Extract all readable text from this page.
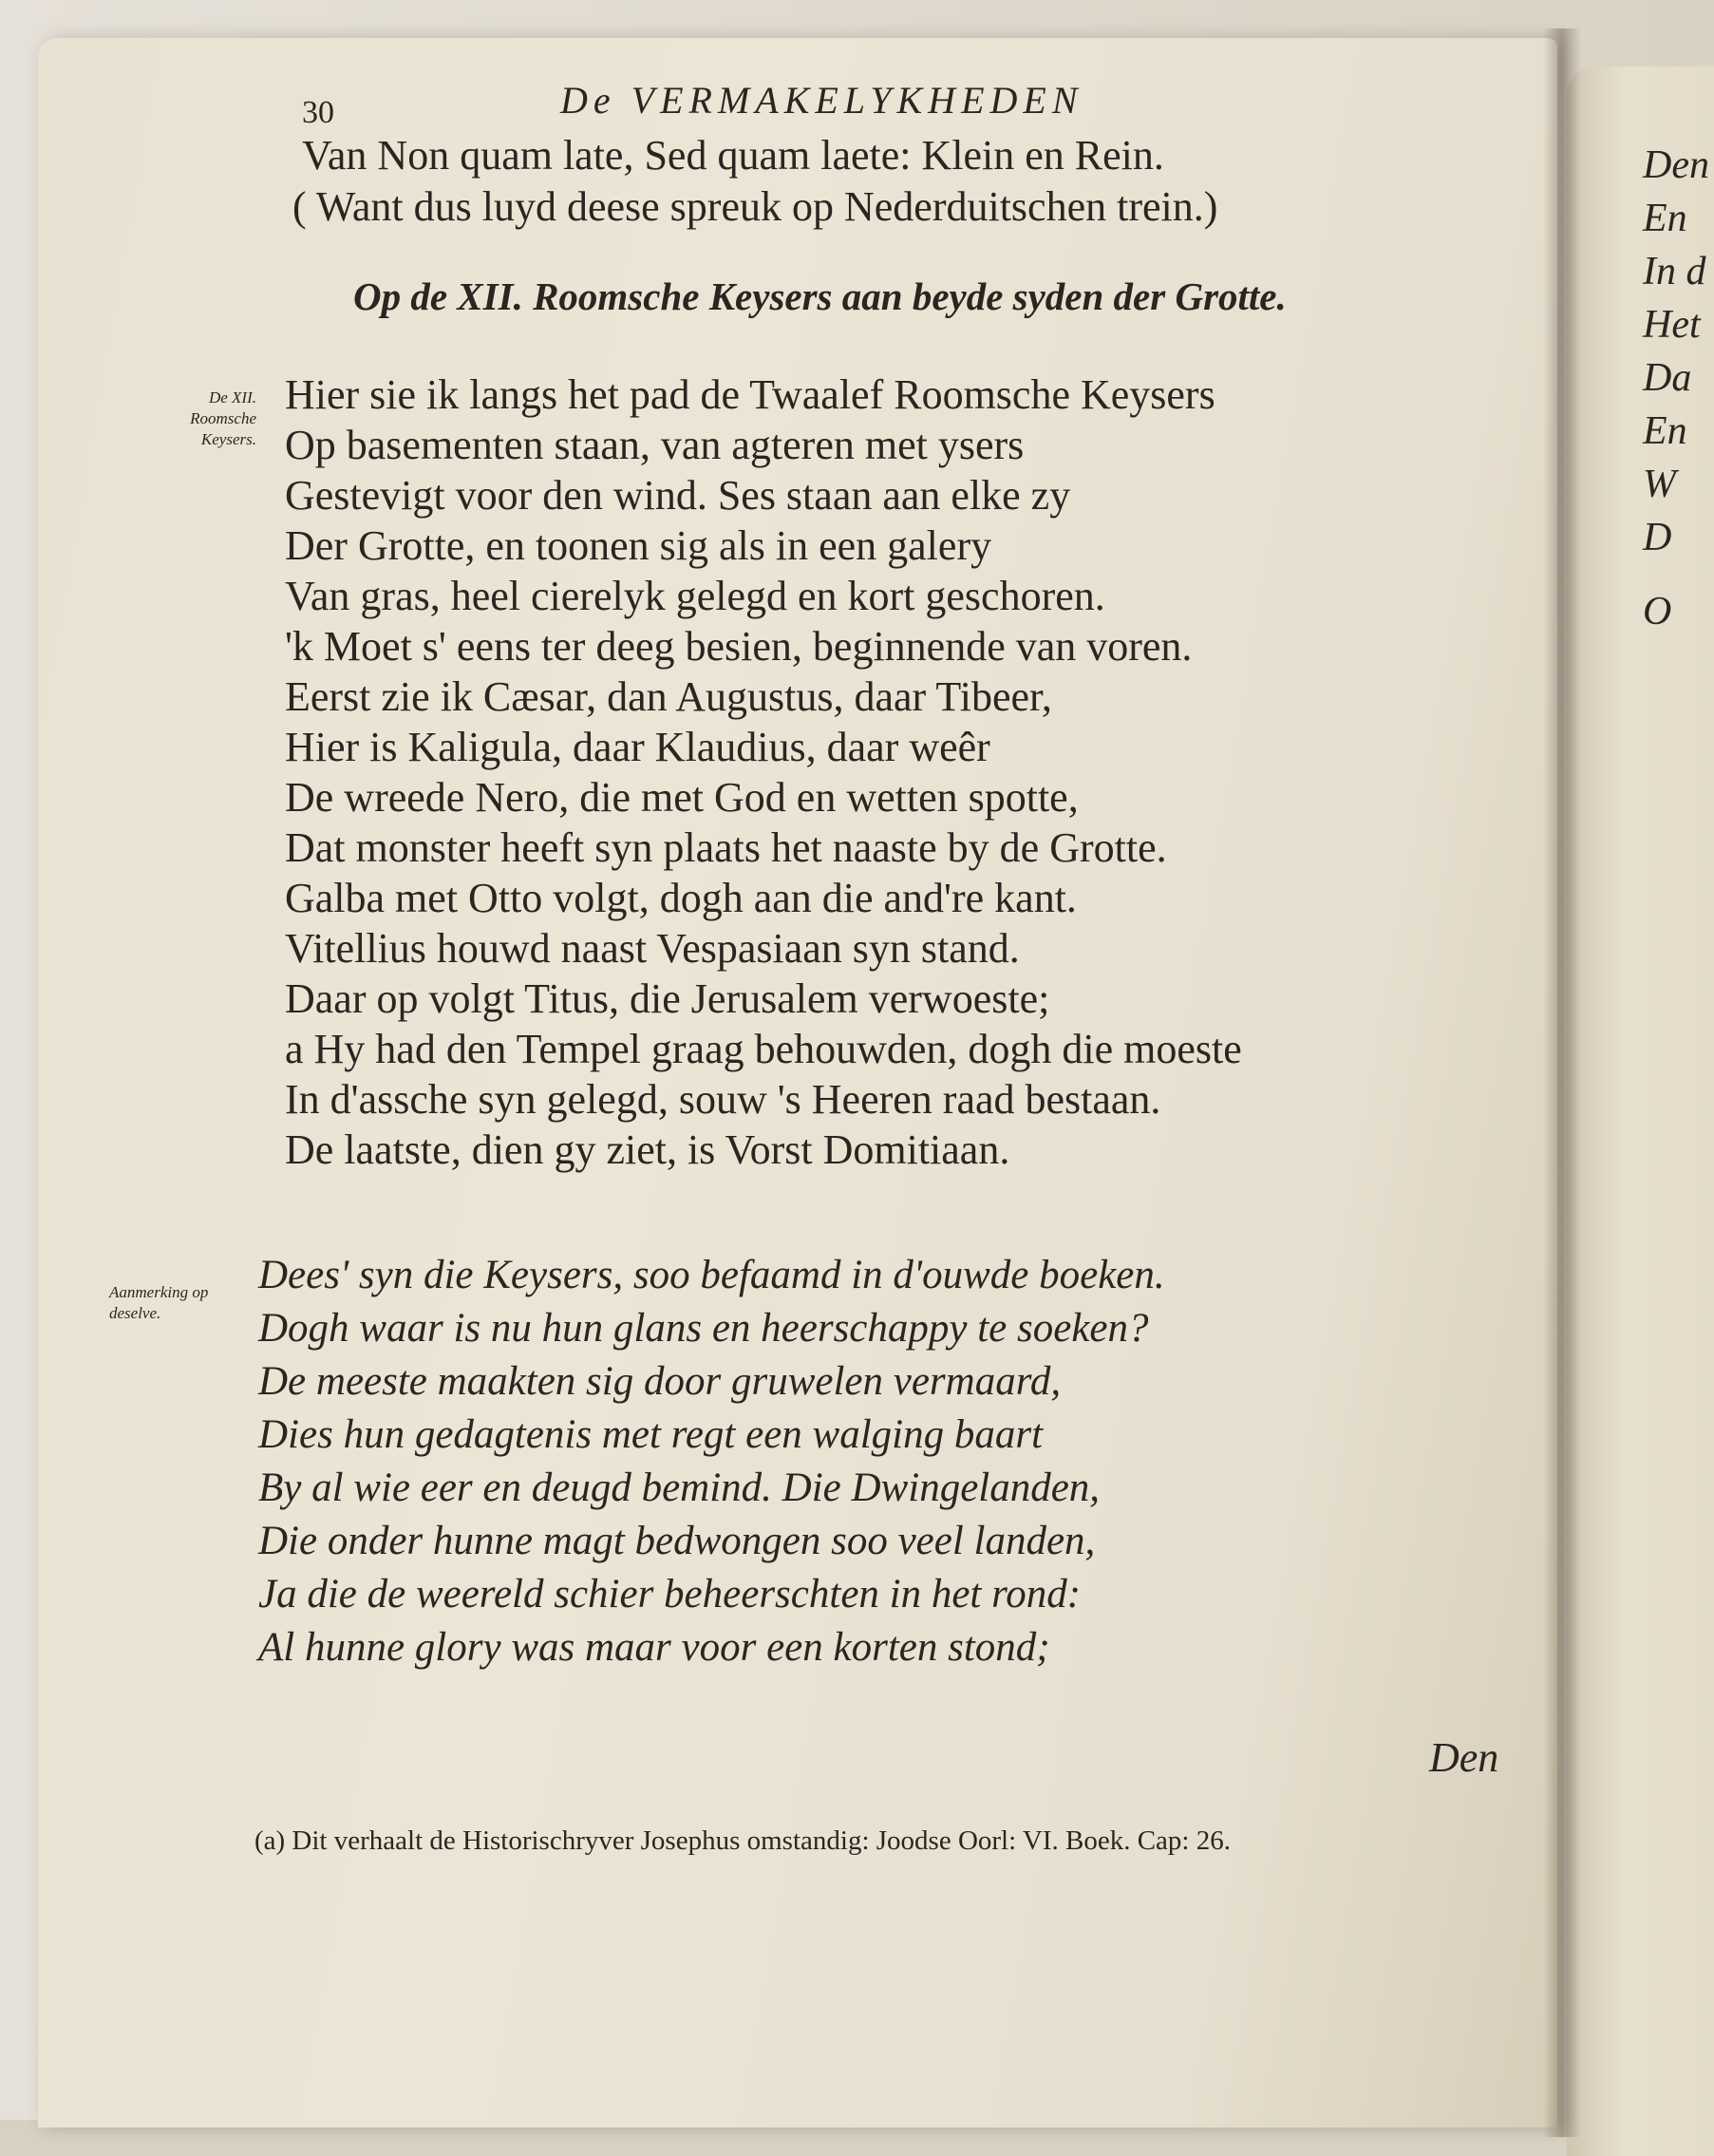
30	De VERMAKELYKHEDEN
Van Non quam late, Sed quam laete: Klein en Rein.
( Want dus luyd deese spreuk op Nederduitschen trein.)
Op de XII. Roomsche Keysers aan beyde syden der Grotte.
De XII. Roomsche Keysers.
Hier sie ik langs het pad de Twaalef Roomsche Keysers
Op basementen staan, van agteren met ysers
Gestevigt voor den wind. Ses staan aan elke zy
Der Grotte, en toonen sig als in een galery
Van gras, heel cierelyk gelegd en kort geschoren.
'k Moet s' eens ter deeg besien, beginnende van voren.
Eerst zie ik Cæsar, dan Augustus, daar Tibeer,
Hier is Kaligula, daar Klaudius, daar weêr
De wreede Nero, die met God en wetten spotte,
Dat monster heeft syn plaats het naaste by de Grotte.
Galba met Otto volgt, dogh aan die and're kant.
Vitellius houwd naast Vespasiaan syn stand.
Daar op volgt Titus, die Jerusalem verwoeste;
a Hy had den Tempel graag behouwden, dogh die moeste
In d'assche syn gelegd, souw 's Heeren raad bestaan.
De laatste, dien gy ziet, is Vorst Domitiaan.
Aanmerking op deselve.
Dees' syn die Keysers, soo befaamd in d'ouwde boeken.
Dogh waar is nu hun glans en heerschappy te soeken?
De meeste maakten sig door gruwelen vermaard,
Dies hun gedagtenis met regt een walging baart
By al wie eer en deugd bemind. Die Dwingelanden,
Die onder hunne magt bedwongen soo veel landen,
Ja die de weereld schier beheerschten in het rond:
Al hunne glory was maar voor een korten stond;
Den
(a) Dit verhaalt de Historischryver Josephus omstandig: Joodse Oorl: VI. Boek. Cap: 26.
Den
En
In d
Het
Da
En
W
D
O
